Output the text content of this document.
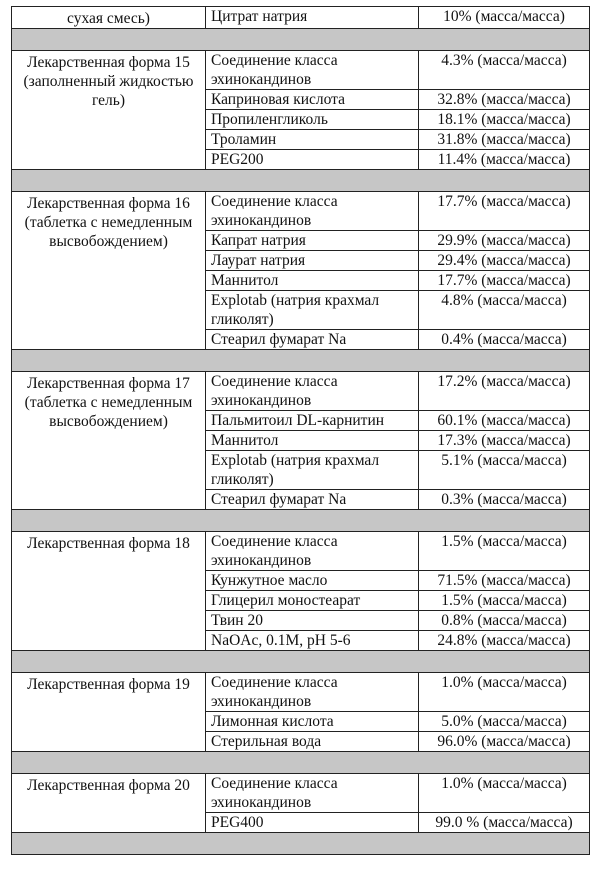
сухая смесь)	Цитрат натрия	10% (масса/масса)

Лекарственная форма 15
(заполненный жидкостью гель)	Соединение класса эхинокандинов	4.3% (масса/масса)
	Каприновая кислота	32.8% (масса/масса)
	Пропиленгликоль	18.1% (масса/масса)
	Троламин	31.8% (масса/масса)
	PEG200	11.4% (масса/масса)

Лекарственная форма 16
(таблетка с немедленным высвобождением)	Соединение класса эхинокандинов	17.7% (масса/масса)
	Капрат натрия	29.9% (масса/масса)
	Лаурат натрия	29.4% (масса/масса)
	Маннитол	17.7% (масса/масса)
	Explotab (натрия крахмал гликолят)	4.8% (масса/масса)
	Стеарил фумарат Na	0.4% (масса/масса)

Лекарственная форма 17
(таблетка с немедленным высвобождением)	Соединение класса эхинокандинов	17.2% (масса/масса)
	Пальмитоил DL-карнитин	60.1% (масса/масса)
	Маннитол	17.3% (масса/масса)
	Explotab (натрия крахмал гликолят)	5.1% (масса/масса)
	Стеарил фумарат Na	0.3% (масса/масса)

Лекарственная форма 18	Соединение класса эхинокандинов	1.5% (масса/масса)
	Кунжутное масло	71.5% (масса/масса)
	Глицерил моностеарат	1.5% (масса/масса)
	Твин 20	0.8% (масса/масса)
	NaOAc, 0.1M, pH 5-6	24.8% (масса/масса)

Лекарственная форма 19	Соединение класса эхинокандинов	1.0% (масса/масса)
	Лимонная кислота	5.0% (масса/масса)
	Стерильная вода	96.0% (масса/масса)

Лекарственная форма 20	Соединение класса эхинокандинов	1.0% (масса/масса)
	PEG400	99.0 % (масса/масса)
